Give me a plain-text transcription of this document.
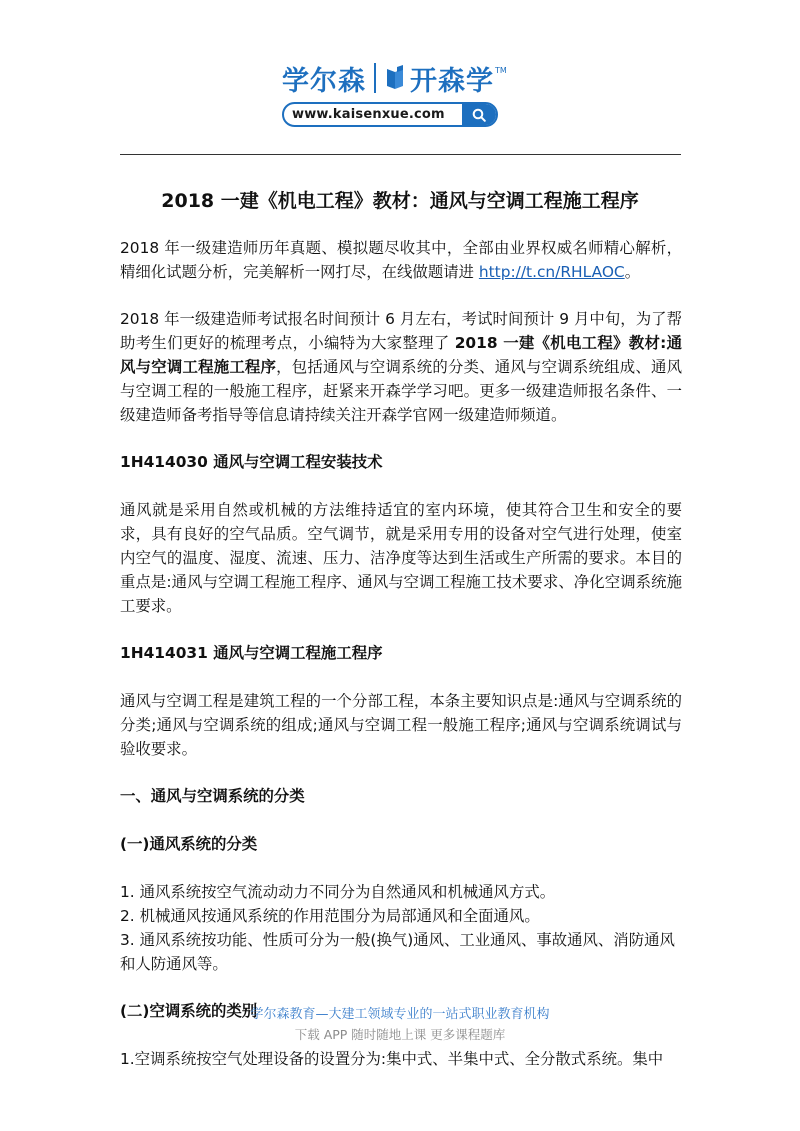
学尔森 开森学 TM
www.kaisenxue.com
2018 一建《机电工程》教材：通风与空调工程施工程序

2018 年一级建造师历年真题、模拟题尽收其中，全部由业界权威名师精心解析，精细化试题分析，完美解析一网打尽，在线做题请进 http://t.cn/RHLAOC。

2018 年一级建造师考试报名时间预计 6 月左右，考试时间预计 9 月中旬，为了帮助考生们更好的梳理考点，小编特为大家整理了 2018 一建《机电工程》教材:通风与空调工程施工程序，包括通风与空调系统的分类、通风与空调系统组成、通风与空调工程的一般施工程序，赶紧来开森学学习吧。更多一级建造师报名条件、一级建造师备考指导等信息请持续关注开森学官网一级建造师频道。

1H414030 通风与空调工程安装技术

通风就是采用自然或机械的方法维持适宜的室内环境，使其符合卫生和安全的要求，具有良好的空气品质。空气调节，就是采用专用的设备对空气进行处理，使室内空气的温度、湿度、流速、压力、洁净度等达到生活或生产所需的要求。本目的重点是:通风与空调工程施工程序、通风与空调工程施工技术要求、净化空调系统施工要求。

1H414031 通风与空调工程施工程序

通风与空调工程是建筑工程的一个分部工程，本条主要知识点是:通风与空调系统的分类;通风与空调系统的组成;通风与空调工程一般施工程序;通风与空调系统调试与验收要求。

一、通风与空调系统的分类

(一)通风系统的分类

1. 通风系统按空气流动动力不同分为自然通风和机械通风方式。
2. 机械通风按通风系统的作用范围分为局部通风和全面通风。
3. 通风系统按功能、性质可分为一般(换气)通风、工业通风、事故通风、消防通风和人防通风等。

(二)空调系统的类别

1.空调系统按空气处理设备的设置分为:集中式、半集中式、全分散式系统。集中

学尔森教育—大建工领域专业的一站式职业教育机构
下载 APP 随时随地上课 更多课程题库
